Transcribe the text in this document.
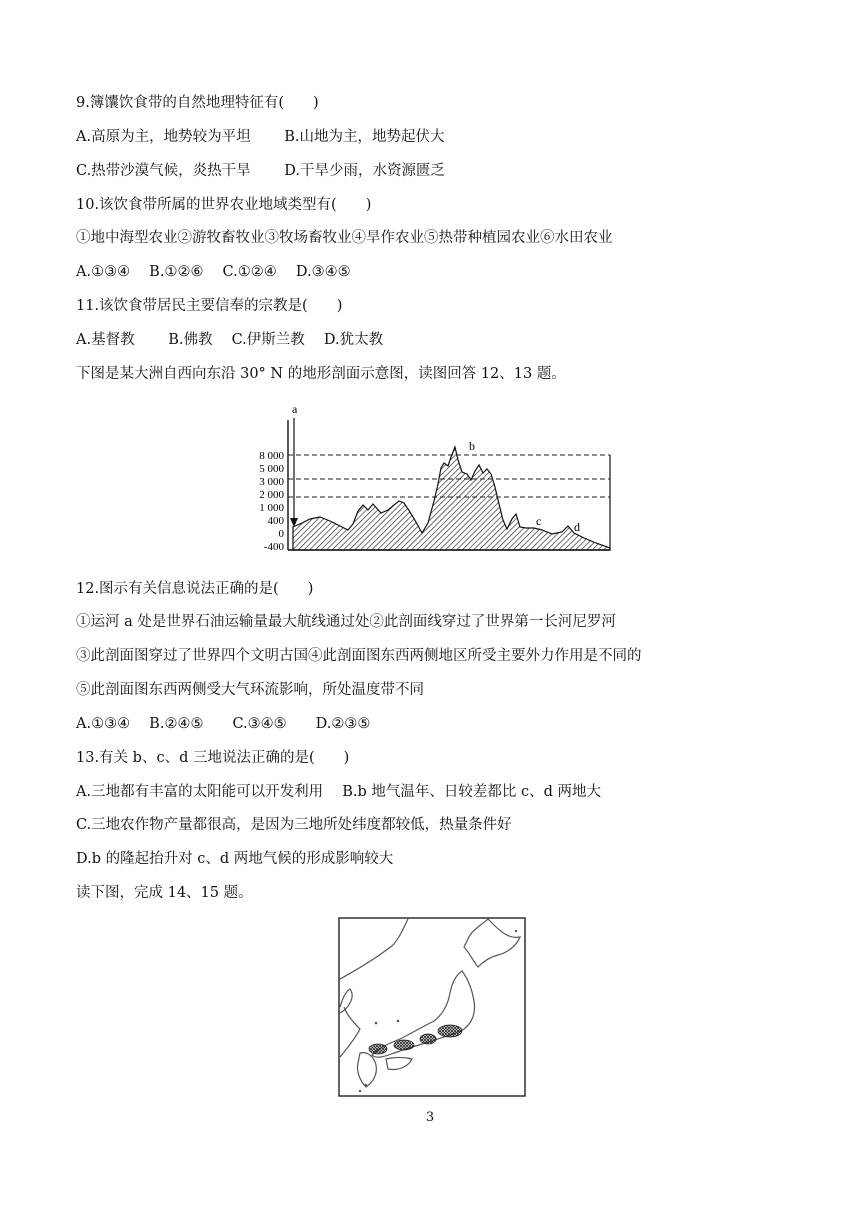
9.簿馕饮食带的自然地理特征有(　　)
A.高原为主，地势较为平坦　　 B.山地为主，地势起伏大
C.热带沙漠气候，炎热干旱　　 D.干旱少雨，水资源匮乏
10.该饮食带所属的世界农业地域类型有(　　)
①地中海型农业②游牧畜牧业③牧场畜牧业④旱作农业⑤热带种植园农业⑥水田农业
A.①③④　 B.①②⑥　 C.①②④　 D.③④⑤
11.该饮食带居民主要信奉的宗教是(　　)
A.基督教　　 B.佛教　 C.伊斯兰教　 D.犹太教
下图是某大洲自西向东沿 30° N 的地形剖面示意图，读图回答 12、13 题。
a
b
c	d
8 000
5 000
3 000
2 000
1 000
400
0
-400
12.图示有关信息说法正确的是(　　)
①运河 a 处是世界石油运输量最大航线通过处②此剖面线穿过了世界第一长河尼罗河
③此剖面图穿过了世界四个文明古国④此剖面图东西两侧地区所受主要外力作用是不同的
⑤此剖面图东西两侧受大气环流影响，所处温度带不同
A.①③④　 B.②④⑤　　C.③④⑤　　D.②③⑤
13.有关 b、c、d 三地说法正确的是(　　)
A.三地都有丰富的太阳能可以开发利用　 B.b 地气温年、日较差都比 c、d 两地大
C.三地农作物产量都很高，是因为三地所处纬度都较低，热量条件好
D.b 的隆起抬升对 c、d 两地气候的形成影响较大
读下图，完成 14、15 题。
3
